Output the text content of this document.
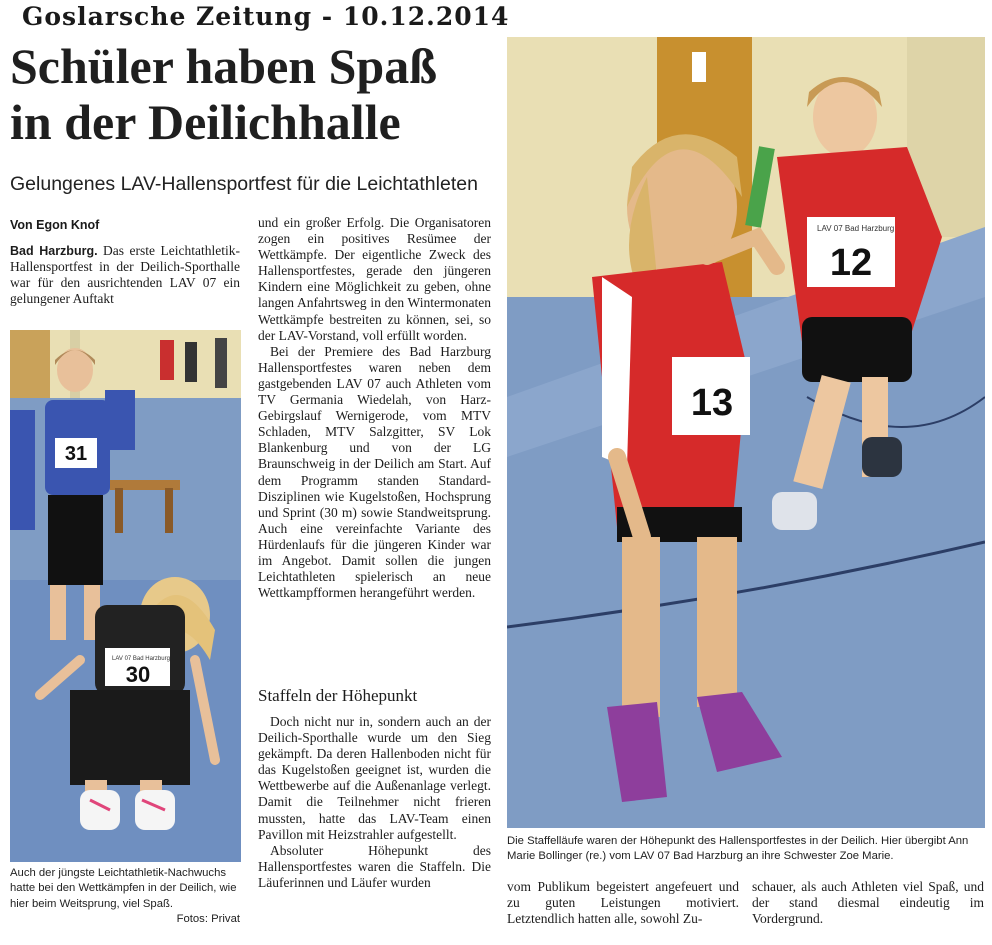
Goslarsche Zeitung - 10.12.2014
Schüler haben Spaß
in der Deilichhalle
Gelungenes LAV-Hallensportfest für die Leichtathleten
Von Egon Knof

Bad Harzburg. Das erste Leichtathletik-Hallensportfest in der Deilich-Sporthalle war für den ausrichtenden LAV 07 ein gelungener Auftakt

31
LAV 07 Bad Harzburg
30
Auch der jüngste Leichtathletik-Nachwuchs hatte bei den Wettkämpfen in der Deilich, wie hier beim Weitsprung, viel Spaß.
Fotos: Privat

und ein großer Erfolg. Die Organisatoren zogen ein positives Resümee der Wettkämpfe. Der eigentliche Zweck des Hallensportfestes, gerade den jüngeren Kindern eine Möglichkeit zu geben, ohne langen Anfahrtsweg in den Wintermonaten Wettkämpfe bestreiten zu können, sei, so der LAV-Vorstand, voll erfüllt worden.

Bei der Premiere des Bad Harzburg Hallensportfestes waren neben dem gastgebenden LAV 07 auch Athleten vom TV Germania Wiedelah, von Harz-Gebirgslauf Wernigerode, vom MTV Schladen, MTV Salzgitter, SV Lok Blankenburg und von der LG Braunschweig in der Deilich am Start. Auf dem Programm standen Standard-Disziplinen wie Kugelstoßen, Hochsprung und Sprint (30 m) sowie Standweitsprung. Auch eine vereinfachte Variante des Hürdenlaufs für die jüngeren Kinder war im Angebot. Damit sollen die jungen Leichtathleten spielerisch an neue Wettkampfformen herangeführt werden.

Staffeln der Höhepunkt

Doch nicht nur in, sondern auch an der Deilich-Sporthalle wurde um den Sieg gekämpft. Da deren Hallenboden nicht für das Kugelstoßen geeignet ist, wurden die Wettbewerbe auf die Außenanlage verlegt. Damit die Teilnehmer nicht frieren mussten, hatte das LAV-Team einen Pavillon mit Heizstrahler aufgestellt.

Absoluter Höhepunkt des Hallensportfestes waren die Staffeln. Die Läuferinnen und Läufer wurden

LAV 07 Bad Harzburg
12
13
Die Staffelläufe waren der Höhepunkt des Hallensportfestes in der Deilich. Hier übergibt Ann Marie Bollinger (re.) vom LAV 07 Bad Harzburg an ihre Schwester Zoe Marie.

vom Publikum begeistert angefeuert und zu guten Leistungen motiviert. Letztendlich hatten alle, sowohl Zu-

schauer, als auch Athleten viel Spaß, und der stand diesmal eindeutig im Vordergrund.
